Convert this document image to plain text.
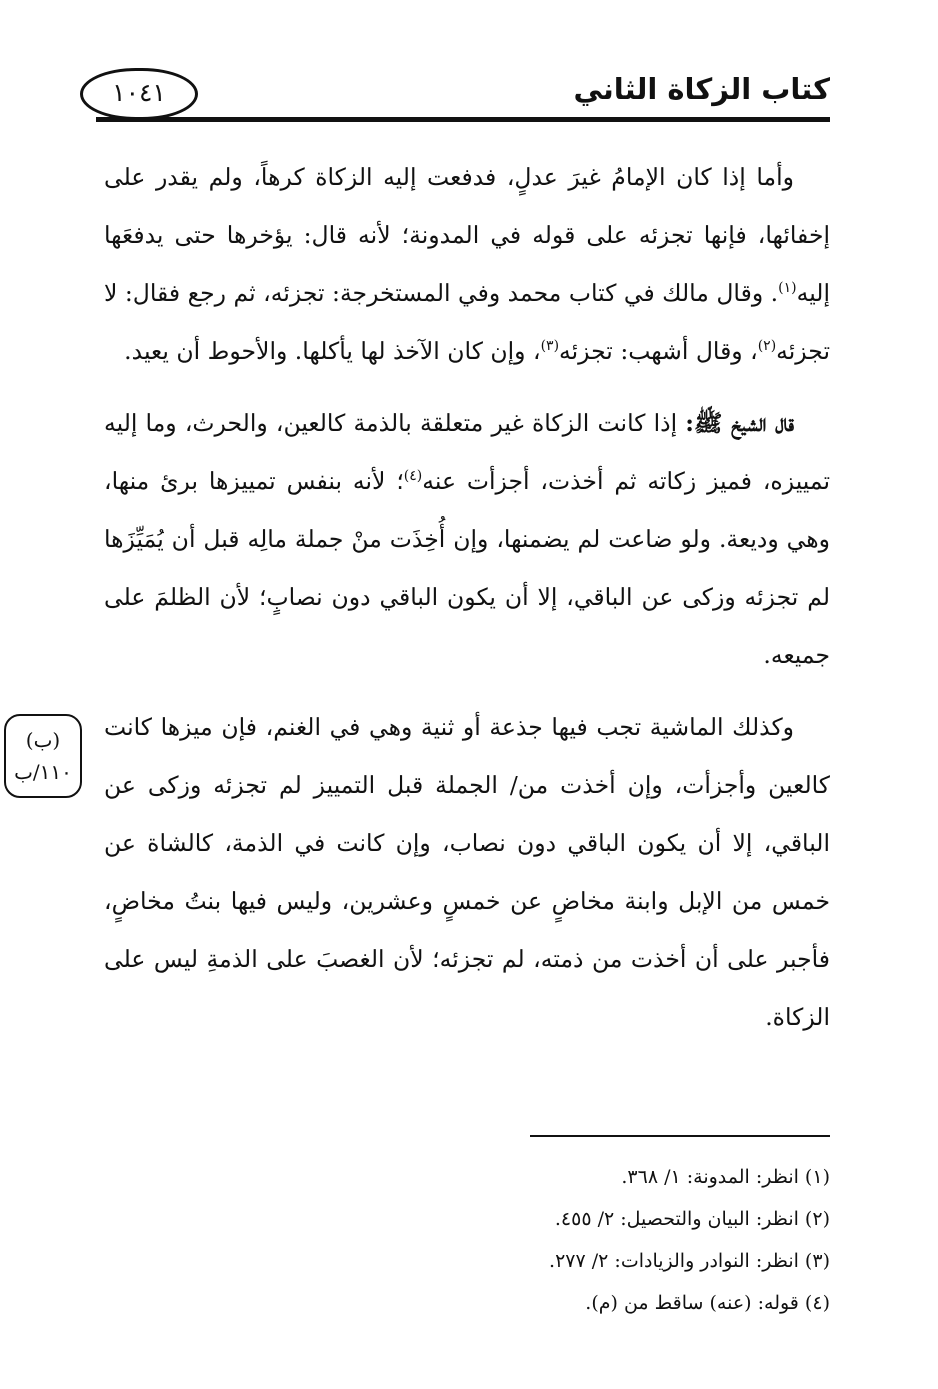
١٠٤١	كتاب الزكاة الثاني

وأما إذا كان الإمامُ غيرَ عدلٍ، فدفعت إليه الزكاة كرهاً، ولم يقدر على إخفائها، فإنها تجزئه على قوله في المدونة؛ لأنه قال: يؤخرها حتى يدفعَها إليه$^{(١)}$. وقال مالك في كتاب محمد وفي المستخرجة: تجزئه، ثم رجع فقال: لا تجزئه$^{(٢)}$، وقال أشهب: تجزئه$^{(٣)}$، وإن كان الآخذ لها يأكلها. والأحوط أن يعيد.

قال الشيخ ﷺ: إذا كانت الزكاة غير متعلقة بالذمة كالعين، والحرث، وما إليه تمييزه، فميز زكاته ثم أخذت، أجزأت عنه$^{(٤)}$؛ لأنه بنفس تمييزها برئ منها، وهي وديعة. ولو ضاعت لم يضمنها، وإن أُخِذَت منْ جملة مالِه قبل أن يُمَيِّزَها لم تجزئه وزكى عن الباقي، إلا أن يكون الباقي دون نصابٍ؛ لأن الظلمَ على جميعه.

وكذلك الماشية تجب فيها جذعة أو ثنية وهي في الغنم، فإن ميزها كانت كالعين وأجزأت، وإن أخذت من/ الجملة قبل التمييز لم تجزئه وزكى عن الباقي، إلا أن يكون الباقي دون نصاب، وإن كانت في الذمة، كالشاة عن خمس من الإبل وابنة مخاضٍ عن خمسٍ وعشرين، وليس فيها بنتُ مخاضٍ، فأجبر على أن أخذت من ذمته، لم تجزئه؛ لأن الغصبَ على الذمةِ ليس على الزكاة.

(ب)
١١٠/ب
(١) انظر: المدونة: ١/ ٣٦٨.
(٢) انظر: البيان والتحصيل: ٢/ ٤٥٥.
(٣) انظر: النوادر والزيادات: ٢/ ٢٧٧.
(٤) قوله: (عنه) ساقط من (م).
